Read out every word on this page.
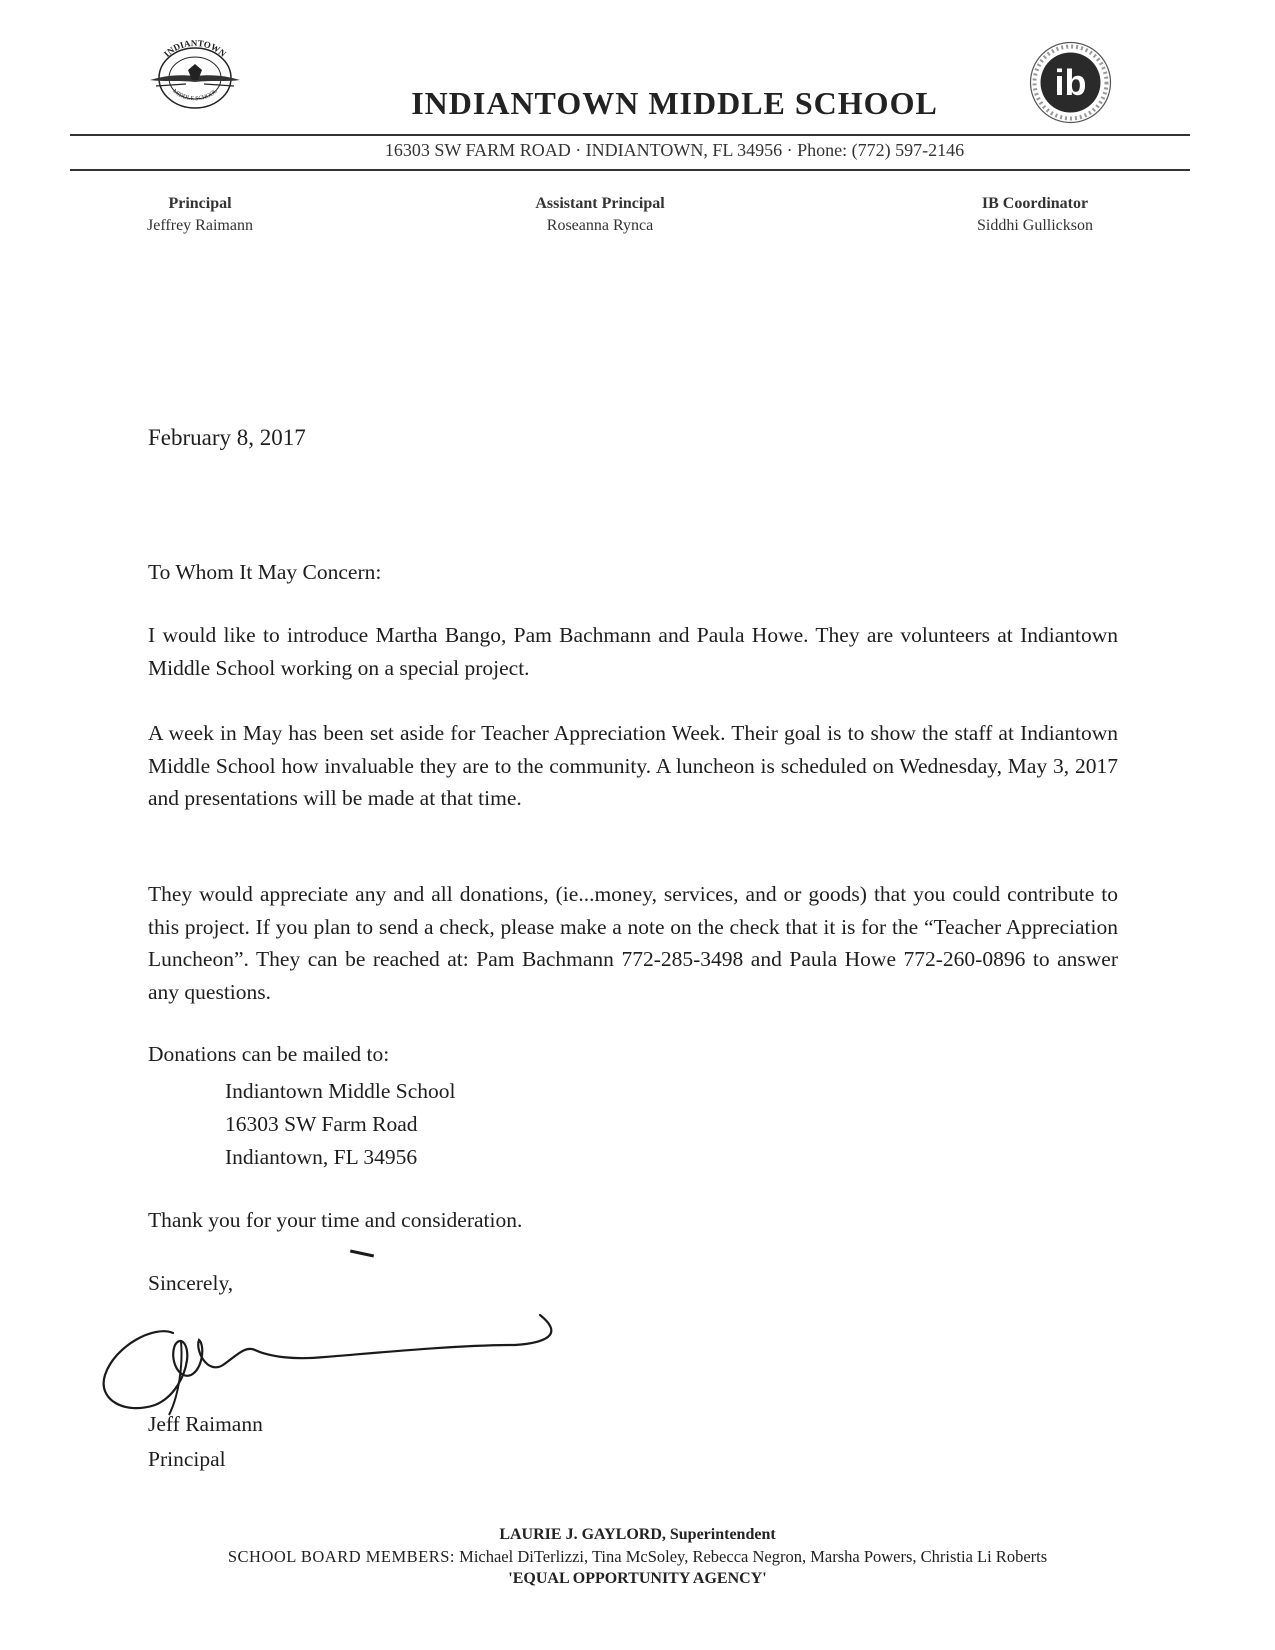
INDIANTOWN
MIDDLE SCHOOL	ib
INDIANTOWN MIDDLE SCHOOL
16303 SW FARM ROAD · INDIANTOWN, FL 34956 · Phone: (772) 597-2146
Principal
Jeffrey Raimann
Assistant Principal
Roseanna Rynca
IB Coordinator
Siddhi Gullickson
February 8, 2017
To Whom It May Concern:
I would like to introduce Martha Bango, Pam Bachmann and Paula Howe. They are volunteers at Indiantown Middle School working on a special project.
A week in May has been set aside for Teacher Appreciation Week. Their goal is to show the staff at Indiantown Middle School how invaluable they are to the community. A luncheon is scheduled on Wednesday, May 3, 2017 and presentations will be made at that time.
They would appreciate any and all donations, (ie...money, services, and or goods) that you could contribute to this project. If you plan to send a check, please make a note on the check that it is for the “Teacher Appreciation Luncheon”. They can be reached at: Pam Bachmann 772-285-3498 and Paula Howe 772-260-0896 to answer any questions.
Donations can be mailed to:
Indiantown Middle School
16303 SW Farm Road
Indiantown, FL 34956
Thank you for your time and consideration.
Sincerely,
Jeff Raimann
Principal
LAURIE J. GAYLORD, Superintendent
SCHOOL BOARD MEMBERS: Michael DiTerlizzi, Tina McSoley, Rebecca Negron, Marsha Powers, Christia Li Roberts
'EQUAL OPPORTUNITY AGENCY'
